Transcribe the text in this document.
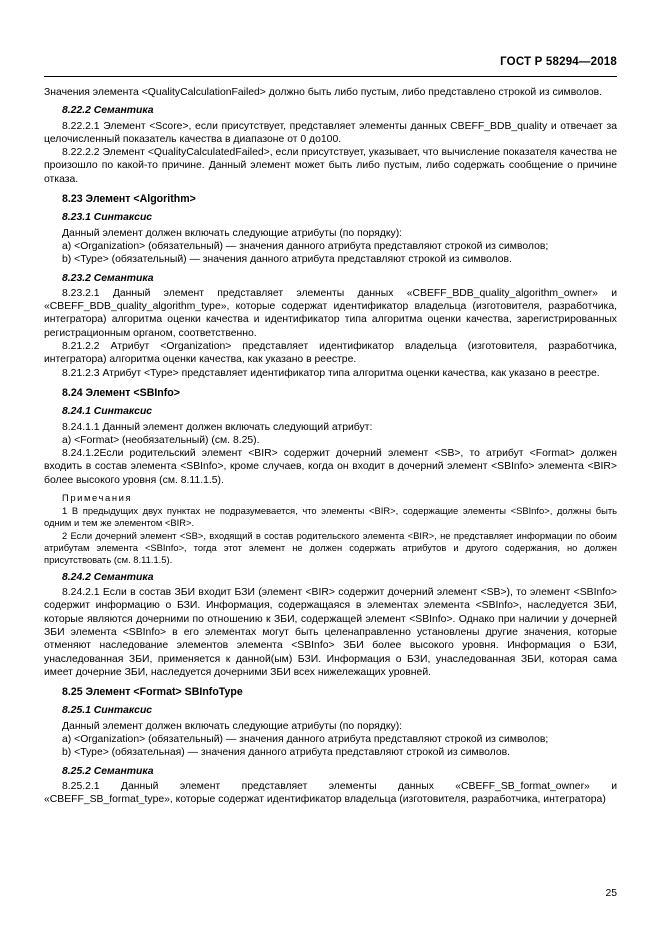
ГОСТ Р 58294—2018

Значения элемента <QualityCalculationFailed> должно быть либо пустым, либо представлено строкой из символов.

8.22.2 Семантика

8.22.2.1 Элемент <Score>, если присутствует, представляет элементы данных CBEFF_BDB_quality и отвечает за целочисленный показатель качества в диапазоне от 0 до100.

8.22.2.2 Элемент <QualityCalculatedFailed>, если присутствует, указывает, что вычисление показателя качества не произошло по какой-то причине. Данный элемент может быть либо пустым, либо содержать сообщение о причине отказа.

8.23 Элемент <Algorithm>

8.23.1 Синтаксис

Данный элемент должен включать следующие атрибуты (по порядку):

a) <Organization> (обязательный) — значения данного атрибута представляют строкой из символов;

b) <Type> (обязательный) — значения данного атрибута представляют строкой из символов.

8.23.2 Семантика

8.23.2.1 Данный элемент представляет элементы данных «CBEFF_BDB_quality_algorithm_owner» и «CBEFF_BDB_quality_algorithm_type», которые содержат идентификатор владельца (изготовителя, разработчика, интегратора) алгоритма оценки качества и идентификатор типа алгоритма оценки качества, зарегистрированных регистрационным органом, соответственно.

8.21.2.2 Атрибут <Organization> представляет идентификатор владельца (изготовителя, разработчика, интегратора) алгоритма оценки качества, как указано в реестре.

8.21.2.3 Атрибут <Type> представляет идентификатор типа алгоритма оценки качества, как указано в реестре.

8.24 Элемент <SBInfo>

8.24.1 Синтаксис

8.24.1.1 Данный элемент должен включать следующий атрибут:

a) <Format> (необязательный) (см. 8.25).

8.24.1.2Если родительский элемент <BIR> содержит дочерний элемент <SB>, то атрибут <Format> должен входить в состав элемента <SBInfo>, кроме случаев, когда он входит в дочерний элемент <SBInfo> элемента <BIR> более высокого уровня (см. 8.11.1.5).

Примечания

1 В предыдущих двух пунктах не подразумевается, что элементы <BIR>, содержащие элементы <SBInfo>, должны быть одним и тем же элементом <BIR>.

2 Если дочерний элемент <SB>, входящий в состав родительского элемента <BIR>, не представляет информации по обоим атрибутам элемента <SBInfo>, тогда этот элемент не должен содержать атрибутов и другого содержания, но должен присутствовать (см. 8.11.1.5).

8.24.2 Семантика

8.24.2.1 Если в состав ЗБИ входит БЗИ (элемент <BIR> содержит дочерний элемент <SB>), то элемент <SBInfo> содержит информацию о БЗИ. Информация, содержащаяся в элементах элемента <SBInfo>, наследуется ЗБИ, которые являются дочерними по отношению к ЗБИ, содержащей элемент <SBInfo>. Однако при наличии у дочерней ЗБИ элемента <SBInfo> в его элементах могут быть целенаправленно установлены другие значения, которые отменяют наследование элементов элемента <SBInfo> ЗБИ более высокого уровня. Информация о БЗИ, унаследованная ЗБИ, применяется к данной(ым) БЗИ. Информация о БЗИ, унаследованная ЗБИ, которая сама имеет дочерние ЗБИ, наследуется дочерними ЗБИ всех нижележащих уровней.

8.25 Элемент <Format> SBInfoType

8.25.1 Синтаксис

Данный элемент должен включать следующие атрибуты (по порядку):

a) <Organization> (обязательный) — значения данного атрибута представляют строкой из символов;

b) <Type> (обязательная) — значения данного атрибута представляют строкой из символов.

8.25.2 Семантика

8.25.2.1 Данный элемент представляет элементы данных «CBEFF_SB_format_owner» и «CBEFF_SB_format_type», которые содержат идентификатор владельца (изготовителя, разработчика, интегратора)

25
